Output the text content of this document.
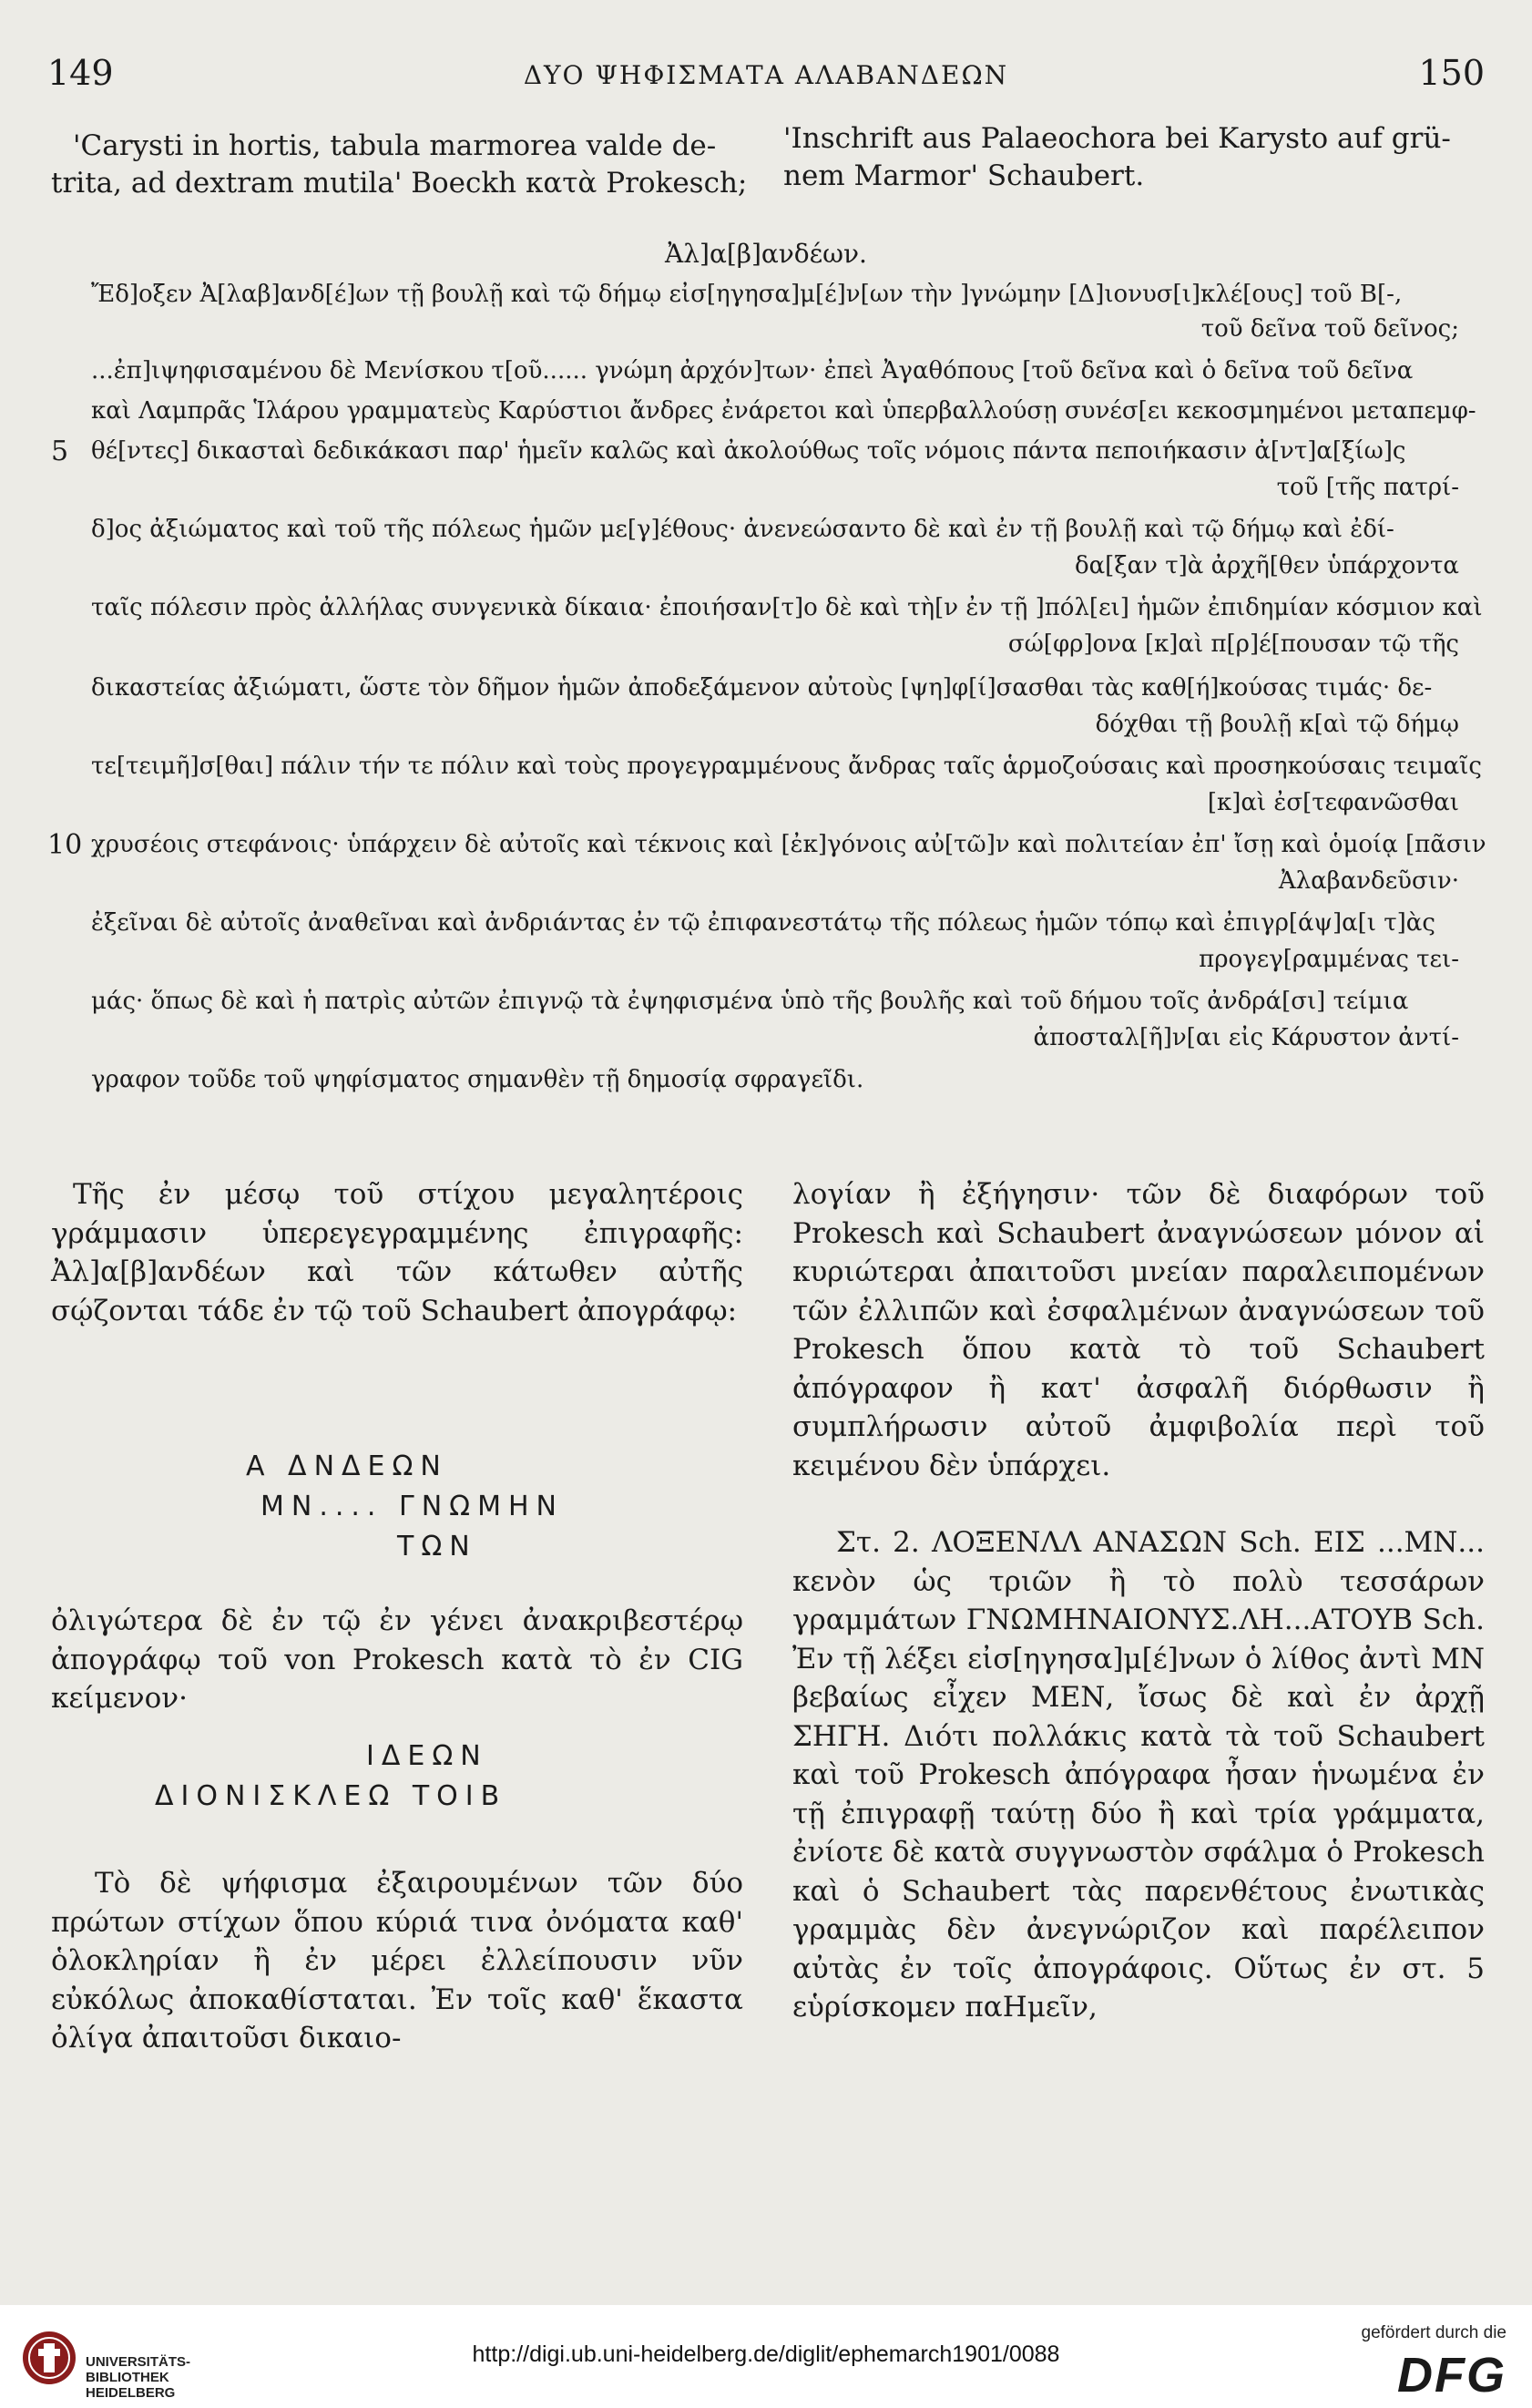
149	ΔΥΟ ΨΗΦΙΣΜΑΤΑ ΑΛΑΒΑΝΔΕΩΝ	150
'Carysti in hortis, tabula marmorea valde de-
trita, ad dextram mutila' Boeckh κατὰ Prokesch;
'Inschrift aus Palaeochora bei Karysto auf grü-
nem Marmor' Schaubert.
Ἀλ]α[β]ανδέων.
Ἔδ]οξεν Ἀ[λαβ]ανδ[έ]ων τῇ βουλῇ καὶ τῷ δήμῳ εἰσ[ηγησα]μ[έ]ν[ων τὴν ]γνώμην [Δ]ιονυσ[ι]κλέ[ους] τοῦ Β[-,
τοῦ δεῖνα τοῦ δεῖνος;
...ἐπ]ιψηφισαμένου δὲ Μενίσκου τ[οῦ...... γνώμη ἀρχόν]των· ἐπεὶ Ἀγαθόπους [τοῦ δεῖνα καὶ ὁ δεῖνα τοῦ δεῖνα
καὶ Λαμπρᾶς Ἱλάρου γραμματεὺς Καρύστιοι ἄνδρες ἐνάρετοι καὶ ὑπερβαλλούσῃ συνέσ[ει κεκοσμημένοι μεταπεμφ-
5 θέ[ντες] δικασταὶ δεδικάκασι παρ' ἡμεῖν καλῶς καὶ ἀκολούθως τοῖς νόμοις πάντα πεποιήκασιν ἀ[ντ]α[ξίω]ς
τοῦ [τῆς πατρί-
δ]ος ἀξιώματος καὶ τοῦ τῆς πόλεως ἡμῶν με[γ]έθους· ἀνενεώσαντο δὲ καὶ ἐν τῇ βουλῇ καὶ τῷ δήμῳ καὶ ἐδί-
δα[ξαν τ]ὰ ἀρχῆ[θεν ὑπάρχοντα
ταῖς πόλεσιν πρὸς ἀλλήλας συνγενικὰ δίκαια· ἐποιήσαν[τ]ο δὲ καὶ τὴ[ν ἐν τῇ ]πόλ[ει] ἡμῶν ἐπιδημίαν κόσμιον καὶ
σώ[φρ]ονα [κ]αὶ π[ρ]έ[πουσαν τῷ τῆς
δικαστείας ἀξιώματι, ὥστε τὸν δῆμον ἡμῶν ἀποδεξάμενον αὐτοὺς [ψη]φ[ί]σασθαι τὰς καθ[ή]κούσας τιμάς· δε-
δόχθαι τῇ βουλῇ κ[αὶ τῷ δήμῳ
τε[τειμῆ]σ[θαι] πάλιν τήν τε πόλιν καὶ τοὺς προγεγραμμένους ἄνδρας ταῖς ἁρμοζούσαις καὶ προσηκούσαις τειμαῖς
[κ]αὶ ἐσ[τεφανῶσθαι
10 χρυσέοις στεφάνοις· ὑπάρχειν δὲ αὐτοῖς καὶ τέκνοις καὶ [ἐκ]γόνοις αὐ[τῶ]ν καὶ πολιτείαν ἐπ' ἴσῃ καὶ ὁμοίᾳ [πᾶσιν
Ἀλαβανδεῦσιν·
ἐξεῖναι δὲ αὐτοῖς ἀναθεῖναι καὶ ἀνδριάντας ἐν τῷ ἐπιφανεστάτῳ τῆς πόλεως ἡμῶν τόπῳ καὶ ἐπιγρ[άψ]α[ι τ]ὰς
προγεγ[ραμμένας τει-
μάς· ὅπως δὲ καὶ ἡ πατρὶς αὐτῶν ἐπιγνῷ τὰ ἐψηφισμένα ὑπὸ τῆς βουλῆς καὶ τοῦ δήμου τοῖς ἀνδρά[σι] τείμια
ἀποσταλ[ῆ]ν[αι εἰς Κάρυστον ἀντί-
γραφον τοῦδε τοῦ ψηφίσματος σημανθὲν τῇ δημοσίᾳ σφραγεῖδι.
Τῆς ἐν μέσῳ τοῦ στίχου μεγαλητέροις γράμμασιν ὑπερεγεγραμμένης ἐπιγραφῆς: Ἀλ]α[β]ανδέων καὶ τῶν κάτωθεν αὐτῆς σῴζονται τάδε ἐν τῷ τοῦ Schaubert ἀπογράφῳ:
Α ΔΝΔΕΩΝ
ΜΝ.... ΓΝΩΜΗΝ
ΤΩΝ
ὀλιγώτερα δὲ ἐν τῷ ἐν γένει ἀνακριβεστέρῳ ἀπογράφῳ τοῦ von Prokesch κατὰ τὸ ἐν CIG κείμενον·
ΙΔΕΩΝ
ΔΙΟΝΙΣΚΛΕΩ ΤΟΙΒ
Τὸ δὲ ψήφισμα ἐξαιρουμένων τῶν δύο πρώτων στίχων ὅπου κύριά τινα ὀνόματα καθ' ὁλοκληρίαν ἢ ἐν μέρει ἐλλείπουσιν νῦν εὐκόλως ἀποκαθίσταται. Ἐν τοῖς καθ' ἕκαστα ὀλίγα ἀπαιτοῦσι δικαιο-
λογίαν ἢ ἐξήγησιν· τῶν δὲ διαφόρων τοῦ Prokesch καὶ Schaubert ἀναγνώσεων μόνον αἱ κυριώτεραι ἀπαιτοῦσι μνείαν παραλειπομένων τῶν ἐλλιπῶν καὶ ἐσφαλμένων ἀναγνώσεων τοῦ Prokesch ὅπου κατὰ τὸ τοῦ Schaubert ἀπόγραφον ἢ κατ' ἀσφαλῆ διόρθωσιν ἢ συμπλήρωσιν αὐτοῦ ἀμφιβολία περὶ τοῦ κειμένου δὲν ὑπάρχει.
Στ. 2. ΛΟΞΕΝΛΛ ΑΝΑΣΩΝ Sch. ΕΙΣ ...ΜΝ... κενὸν ὡς τριῶν ἢ τὸ πολὺ τεσσάρων γραμμάτων ΓΝΩΜΗΝΑΙΟΝΥΣ.ΛΗ...ΑΤΟΥΒ Sch. Ἐν τῇ λέξει εἰσ[ηγησα]μ[έ]νων ὁ λίθος ἀντὶ ΜΝ βεβαίως εἶχεν ΜΕΝ, ἴσως δὲ καὶ ἐν ἀρχῇ ΣΗΓΗ. Διότι πολλάκις κατὰ τὰ τοῦ Schaubert καὶ τοῦ Prokesch ἀπόγραφα ἦσαν ἡνωμένα ἐν τῇ ἐπιγραφῇ ταύτῃ δύο ἢ καὶ τρία γράμματα, ἐνίοτε δὲ κατὰ συγγνωστὸν σφάλμα ὁ Prokesch καὶ ὁ Schaubert τὰς παρενθέτους ἐνωτικὰς γραμμὰς δὲν ἀνεγνώριζον καὶ παρέλειπον αὐτὰς ἐν τοῖς ἀπογράφοις. Οὕτως ἐν στ. 5 εὑρίσκομεν παΗμεῖν,
UNIVERSITÄTS-
BIBLIOTHEK
HEIDELBERG
http://digi.ub.uni-heidelberg.de/diglit/ephemarch1901/0088
gefördert durch die
DFG
